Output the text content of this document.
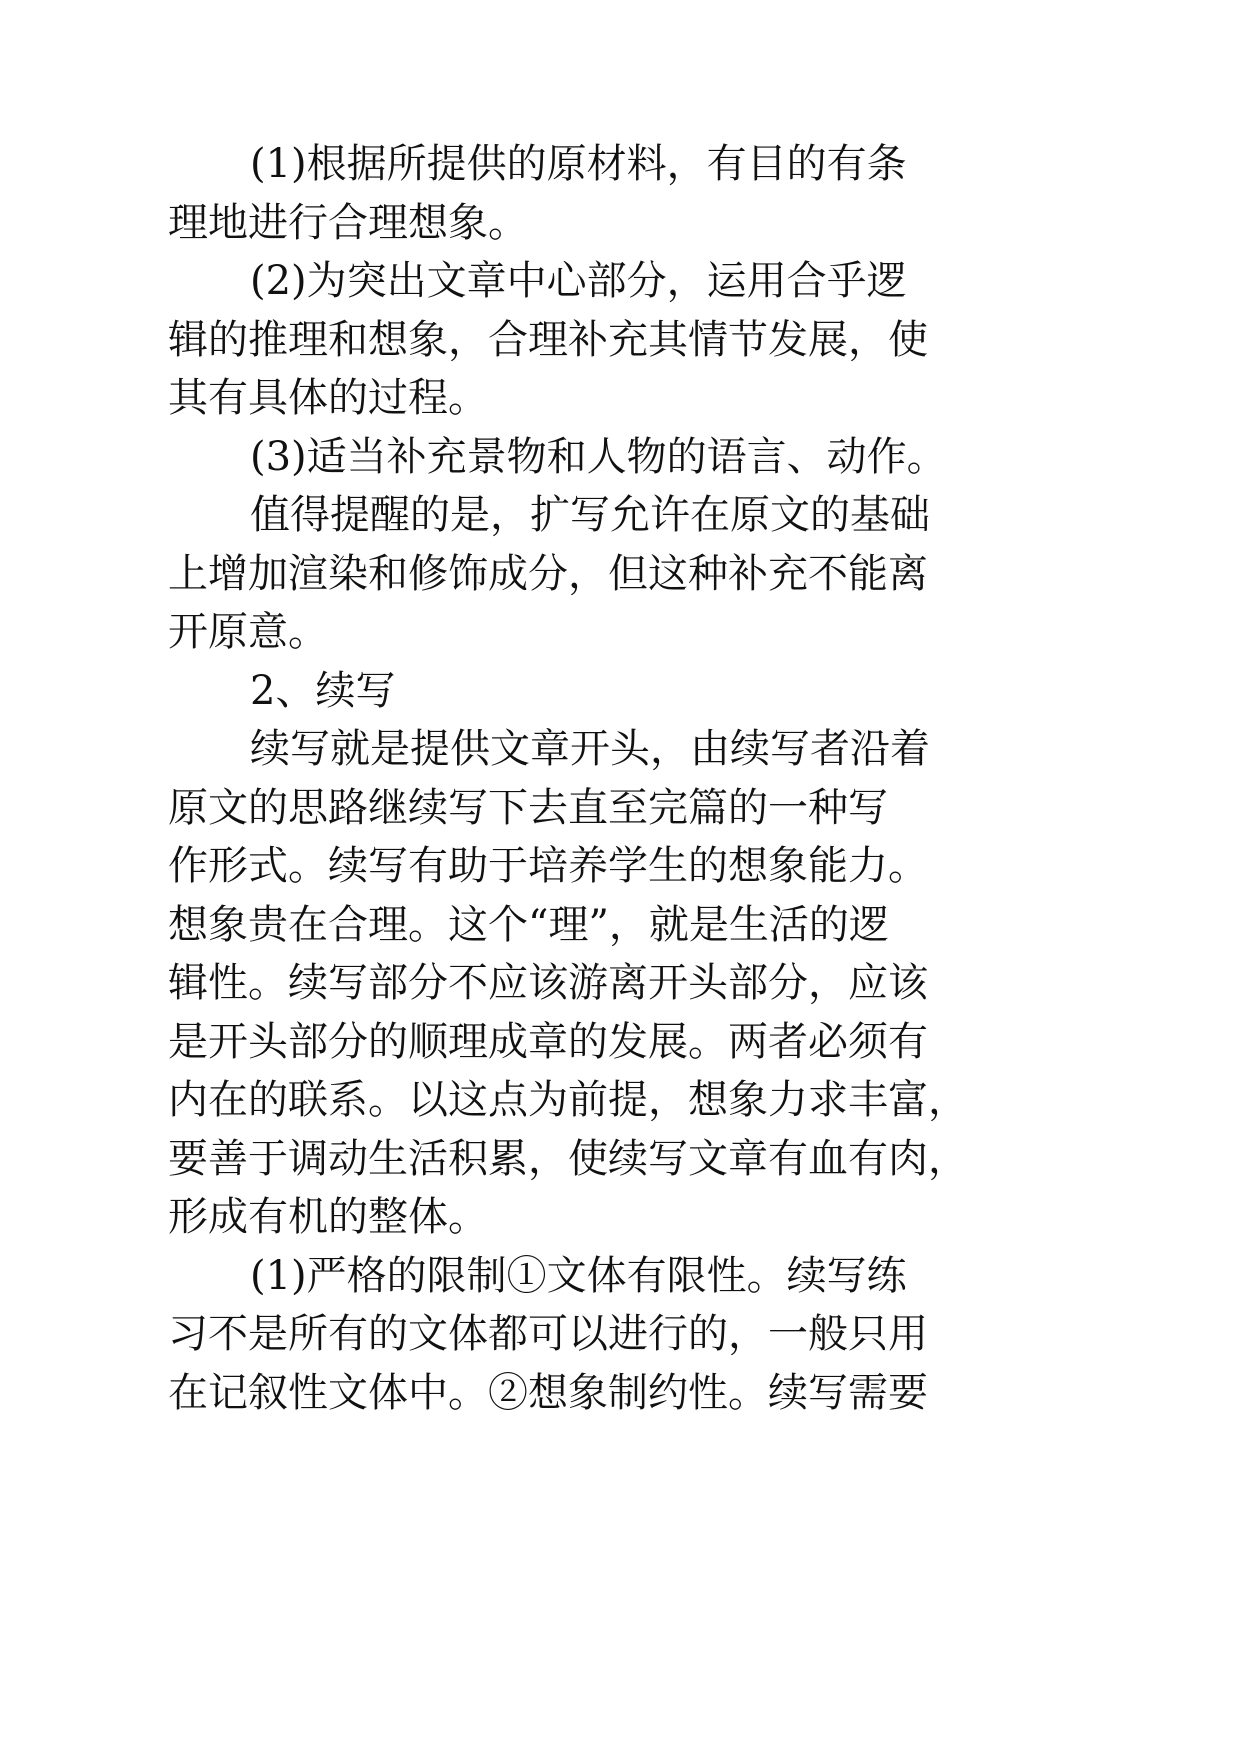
(1)根据所提供的原材料，有目的有条
理地进行合理想象。
(2)为突出文章中心部分，运用合乎逻
辑的推理和想象，合理补充其情节发展，使
其有具体的过程。
(3)适当补充景物和人物的语言、动作。
值得提醒的是，扩写允许在原文的基础
上增加渲染和修饰成分，但这种补充不能离
开原意。
2、续写
续写就是提供文章开头，由续写者沿着
原文的思路继续写下去直至完篇的一种写
作形式。续写有助于培养学生的想象能力。
想象贵在合理。这个“理”，就是生活的逻
辑性。续写部分不应该游离开头部分，应该
是开头部分的顺理成章的发展。两者必须有
内在的联系。以这点为前提，想象力求丰富，
要善于调动生活积累，使续写文章有血有肉，
形成有机的整体。
(1)严格的限制①文体有限性。续写练
习不是所有的文体都可以进行的，一般只用
在记叙性文体中。②想象制约性。续写需要
